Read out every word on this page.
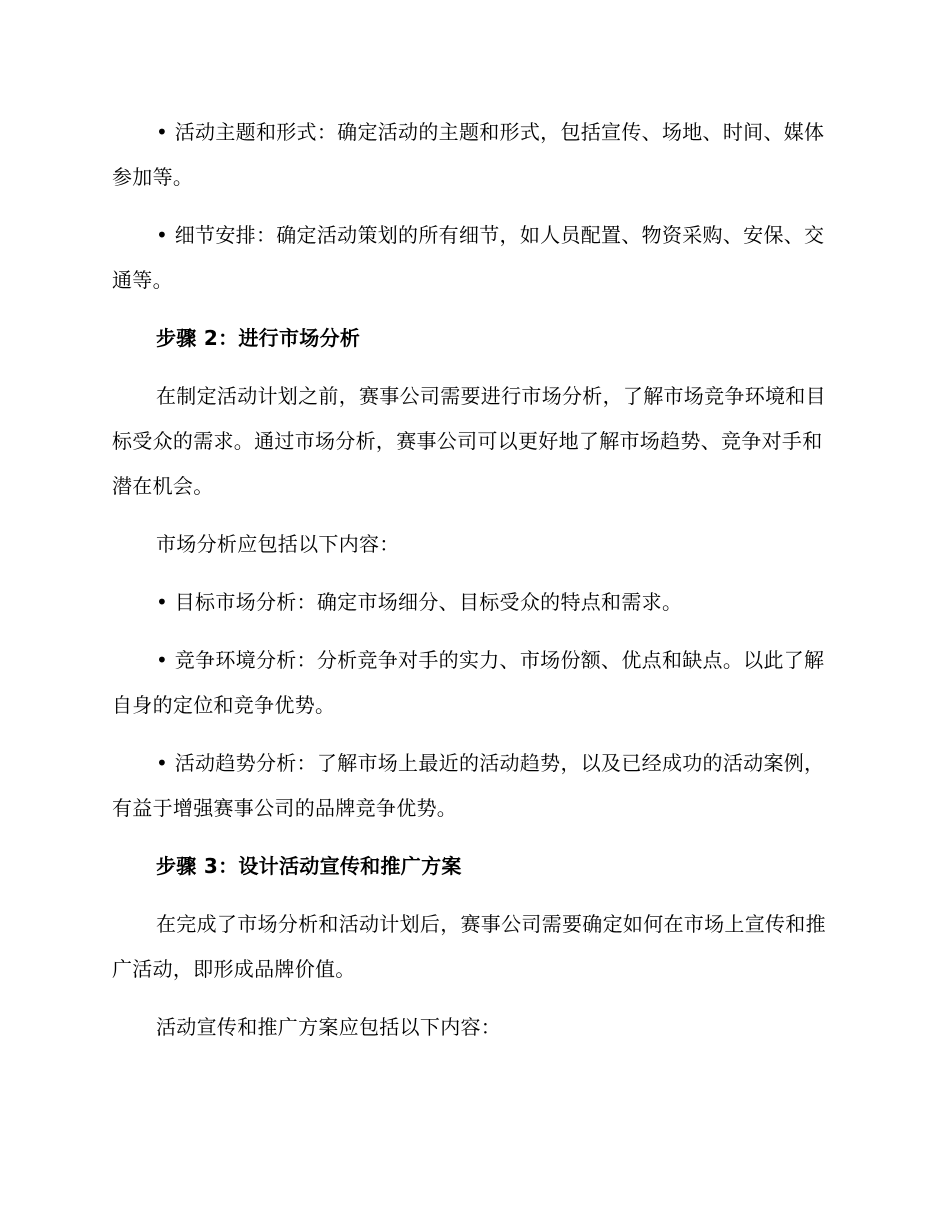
• 活动主题和形式：确定活动的主题和形式，包括宣传、场地、时间、媒体参加等。

• 细节安排：确定活动策划的所有细节，如人员配置、物资采购、安保、交通等。

步骤 2：进行市场分析

在制定活动计划之前，赛事公司需要进行市场分析，了解市场竞争环境和目标受众的需求。通过市场分析，赛事公司可以更好地了解市场趋势、竞争对手和潜在机会。

市场分析应包括以下内容：

• 目标市场分析：确定市场细分、目标受众的特点和需求。

• 竞争环境分析：分析竞争对手的实力、市场份额、优点和缺点。以此了解自身的定位和竞争优势。

• 活动趋势分析：了解市场上最近的活动趋势，以及已经成功的活动案例，有益于增强赛事公司的品牌竞争优势。

步骤 3：设计活动宣传和推广方案

在完成了市场分析和活动计划后，赛事公司需要确定如何在市场上宣传和推广活动，即形成品牌价值。

活动宣传和推广方案应包括以下内容：
